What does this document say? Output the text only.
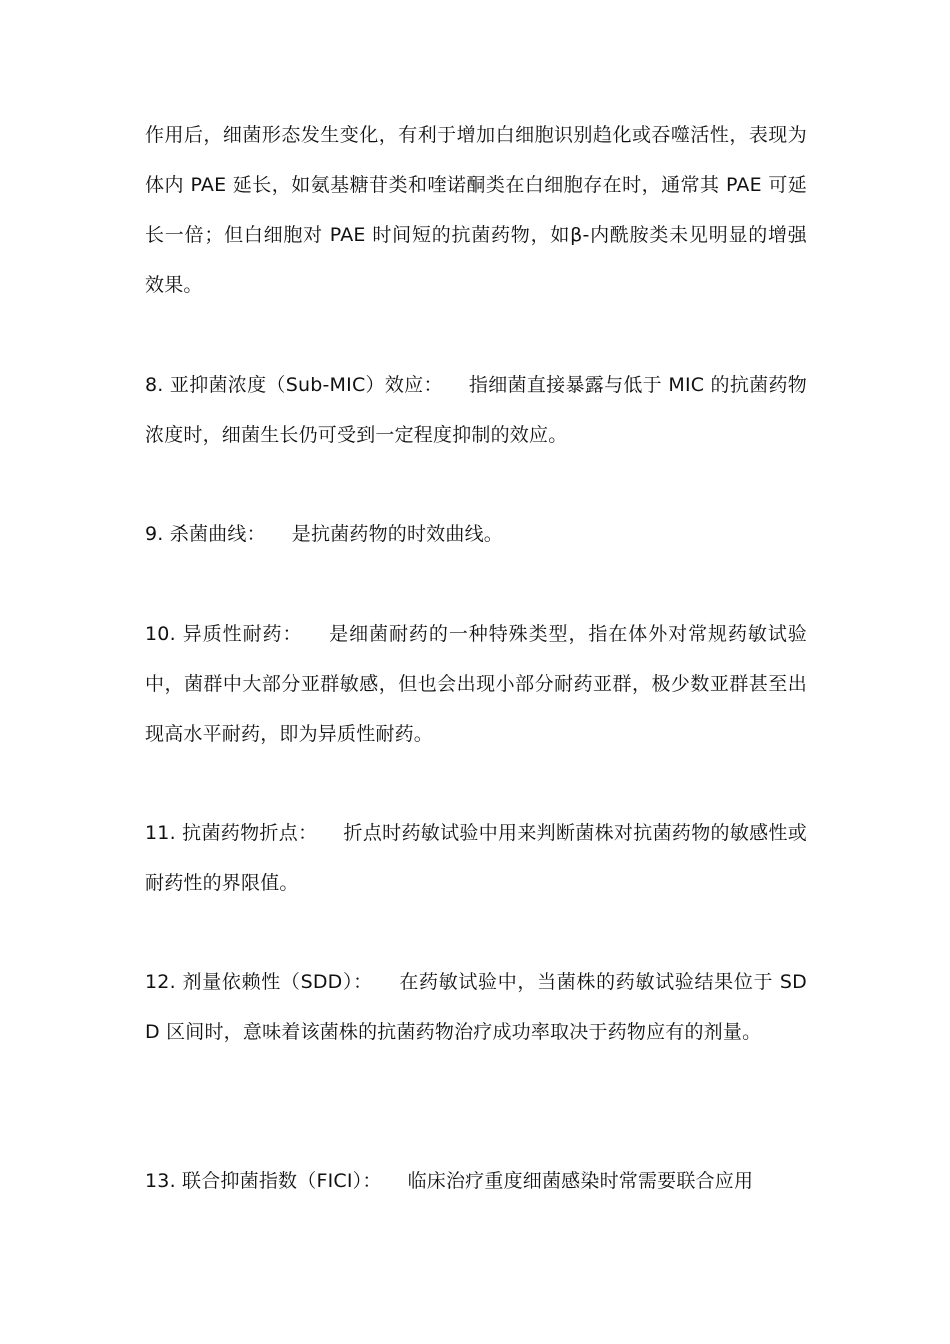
作用后，细菌形态发生变化，有利于增加白细胞识别趋化或吞噬活性，表现为体内 PAE 延长，如氨基糖苷类和喹诺酮类在白细胞存在时，通常其 PAE 可延长一倍；但白细胞对 PAE 时间短的抗菌药物，如β-内酰胺类未见明显的增强效果。

8. 亚抑菌浓度（Sub-MIC）效应： 指细菌直接暴露与低于 MIC 的抗菌药物浓度时，细菌生长仍可受到一定程度抑制的效应。

9. 杀菌曲线： 是抗菌药物的时效曲线。

10. 异质性耐药： 是细菌耐药的一种特殊类型，指在体外对常规药敏试验中，菌群中大部分亚群敏感，但也会出现小部分耐药亚群，极少数亚群甚至出现高水平耐药，即为异质性耐药。

11. 抗菌药物折点： 折点时药敏试验中用来判断菌株对抗菌药物的敏感性或耐药性的界限值。

12. 剂量依赖性（SDD）： 在药敏试验中，当菌株的药敏试验结果位于 SDD 区间时，意味着该菌株的抗菌药物治疗成功率取决于药物应有的剂量。

13. 联合抑菌指数（FICI）： 临床治疗重度细菌感染时常需要联合应用
